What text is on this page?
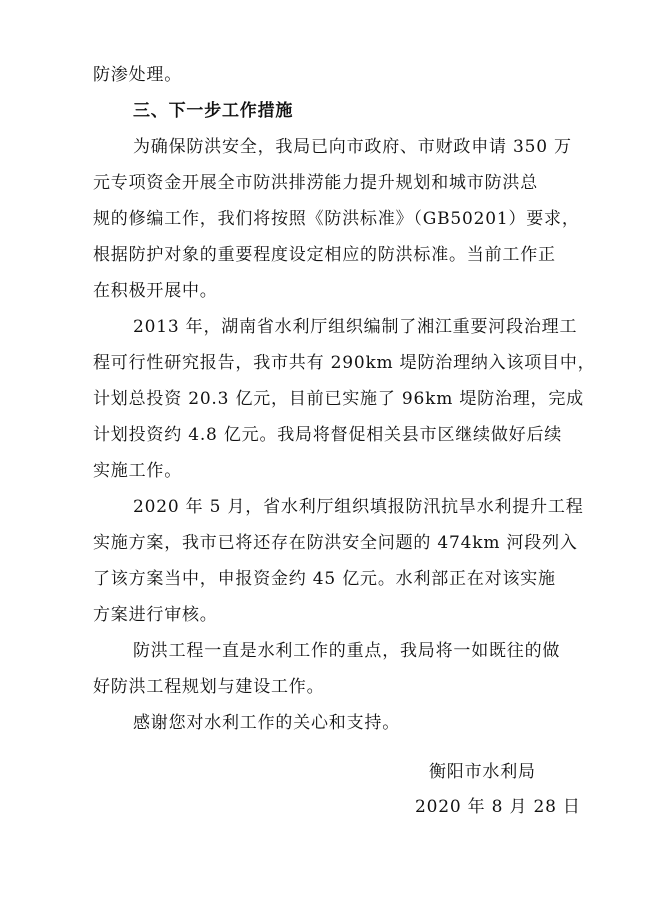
防渗处理。
三、下一步工作措施
为确保防洪安全，我局已向市政府、市财政申请 350 万
元专项资金开展全市防洪排涝能力提升规划和城市防洪总
规的修编工作，我们将按照《防洪标准》（GB50201）要求，
根据防护对象的重要程度设定相应的防洪标准。当前工作正
在积极开展中。
2013 年，湖南省水利厅组织编制了湘江重要河段治理工
程可行性研究报告，我市共有 290km 堤防治理纳入该项目中，
计划总投资 20.3 亿元，目前已实施了 96km 堤防治理，完成
计划投资约 4.8 亿元。我局将督促相关县市区继续做好后续
实施工作。
2020 年 5 月，省水利厅组织填报防汛抗旱水利提升工程
实施方案，我市已将还存在防洪安全问题的 474km 河段列入
了该方案当中，申报资金约 45 亿元。水利部正在对该实施
方案进行审核。
防洪工程一直是水利工作的重点，我局将一如既往的做
好防洪工程规划与建设工作。
感谢您对水利工作的关心和支持。
衡阳市水利局
2020 年 8 月 28 日
